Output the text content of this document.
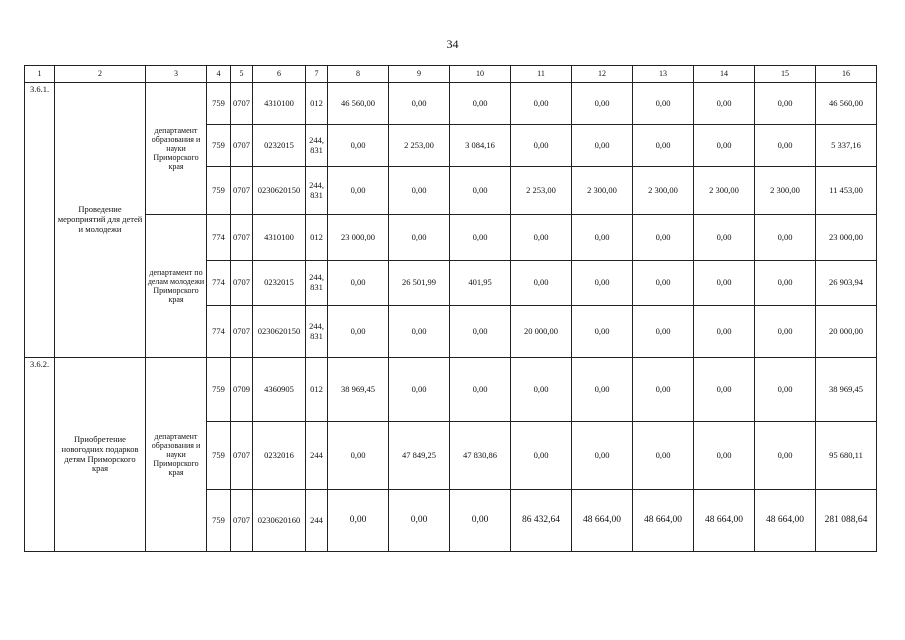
34
1	2	3	4	5	6	7	8	9	10	11	12	13	14	15	16
3.6.1.	Проведение мероприятий для детей и молодежи	департамент образования и науки Приморского края	759	0707	4310100	012	46 560,00	0,00	0,00	0,00	0,00	0,00	0,00	0,00	46 560,00
			759	0707	0232015	244, 831	0,00	2 253,00	3 084,16	0,00	0,00	0,00	0,00	0,00	5 337,16
			759	0707	0230620150	244, 831	0,00	0,00	0,00	2 253,00	2 300,00	2 300,00	2 300,00	2 300,00	11 453,00
		департамент по делам молодежи Приморского края	774	0707	4310100	012	23 000,00	0,00	0,00	0,00	0,00	0,00	0,00	0,00	23 000,00
			774	0707	0232015	244, 831	0,00	26 501,99	401,95	0,00	0,00	0,00	0,00	0,00	26 903,94
			774	0707	0230620150	244, 831	0,00	0,00	0,00	20 000,00	0,00	0,00	0,00	0,00	20 000,00
3.6.2.	Приобретение новогодних подарков детям Приморского края	департамент образования и науки Приморского края	759	0709	4360905	012	38 969,45	0,00	0,00	0,00	0,00	0,00	0,00	0,00	38 969,45
			759	0707	0232016	244	0,00	47 849,25	47 830,86	0,00	0,00	0,00	0,00	0,00	95 680,11
			759	0707	0230620160	244	0,00	0,00	0,00	86 432,64	48 664,00	48 664,00	48 664,00	48 664,00	281 088,64
